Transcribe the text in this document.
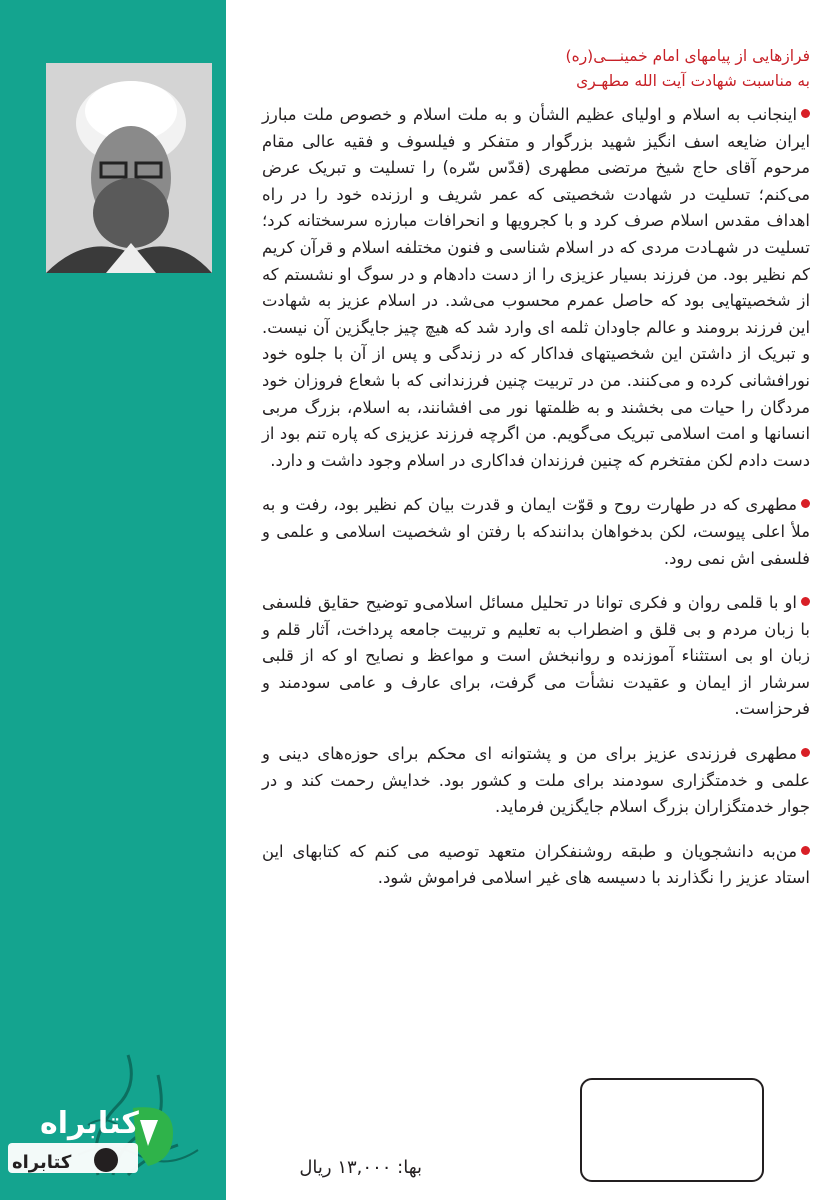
کتابراه
کتابراه
فرازهایی از پیامهای امام خمینـــی(ره)
به مناسبت شهادت آیت الله مطهـری

اینجانب به اسلام و اولیای عظیم الشأن و به ملت اسلام و خصوص ملت مبارز ایران ضایعه اسف انگیز شهید بزرگوار و متفکر و فیلسوف و فقیه عالی مقام مرحوم آقای حاج شیخ مرتضی مطهری (قدّس سّره) را تسلیت و تبریک عرض می‌کنم؛ تسلیت در شهادت شخصیتی که عمر شریف و ارزنده خود را در راه اهداف مقدس اسلام صرف کرد و با کجرویها و انحرافات مبارزه سرسختانه کرد؛ تسلیت در شهـادت مردی که در اسلام شناسی و فنون مختلفه اسلام و قرآن کریم کم نظیر بود. من فرزند بسیار عزیزی را از دست دادهام و در سوگ او نشستم که از شخصیتهایی بود که حاصل عمرم محسوب می‌شد. در اسلام عزیز به شهادت این فرزند برومند و عالم جاودان ثلمه ای وارد شد که هیچ چیز جایگزین آن نیست. و تبریک از داشتن این شخصیتهای فداکار که در زندگی و پس از آن با جلوه خود نورافشانی کرده و می‌کنند. من در تربیت چنین فرزندانی که با شعاع فروزان خود مردگان را حیات می بخشند و به ظلمتها نور می افشانند، به اسلام، بزرگ مربی انسانها و امت اسلامی تبریک می‌گویم. من اگرچه فرزند عزیزی که پاره تنم بود از دست دادم لکن مفتخرم که چنین فرزندان فداکاری در اسلام وجود داشت و دارد.

مطهری که در طهارت روح و قوّت ایمان و قدرت بیان کم نظیر بود، رفت و به ملأ اعلی پیوست، لکن بدخواهان بدانندکه با رفتن او شخصیت اسلامی و علمی و فلسفی اش نمی رود.

او با قلمی روان و فکری توانا در تحلیل مسائل اسلامی‌و توضیح حقایق فلسفی با زبان مردم و بی قلق و اضطراب به تعلیم و تربیت جامعه پرداخت، آثار قلم و زبان او بی استثناء آموزنده و روانبخش است و مواعظ و نصایح او که از قلبی سرشار از ایمان و عقیدت نشأت می گرفت، برای عارف و عامی سودمند و فرحزاست.

مطهری فرزندی عزیز برای من و پشتوانه ای محکم برای حوزه‌های دینی و علمی و خدمتگزاری سودمند برای ملت و کشور بود. خدایش رحمت کند و در جوار خدمتگزاران بزرگ اسلام جایگزین فرماید.

من‌به دانشجویان و طبقه روشنفکران متعهد توصیه می کنم که کتابهای این استاد عزیز را نگذارند با دسیسه های غیر اسلامی فراموش شود.

بها: ۱۳,۰۰۰ ریال
